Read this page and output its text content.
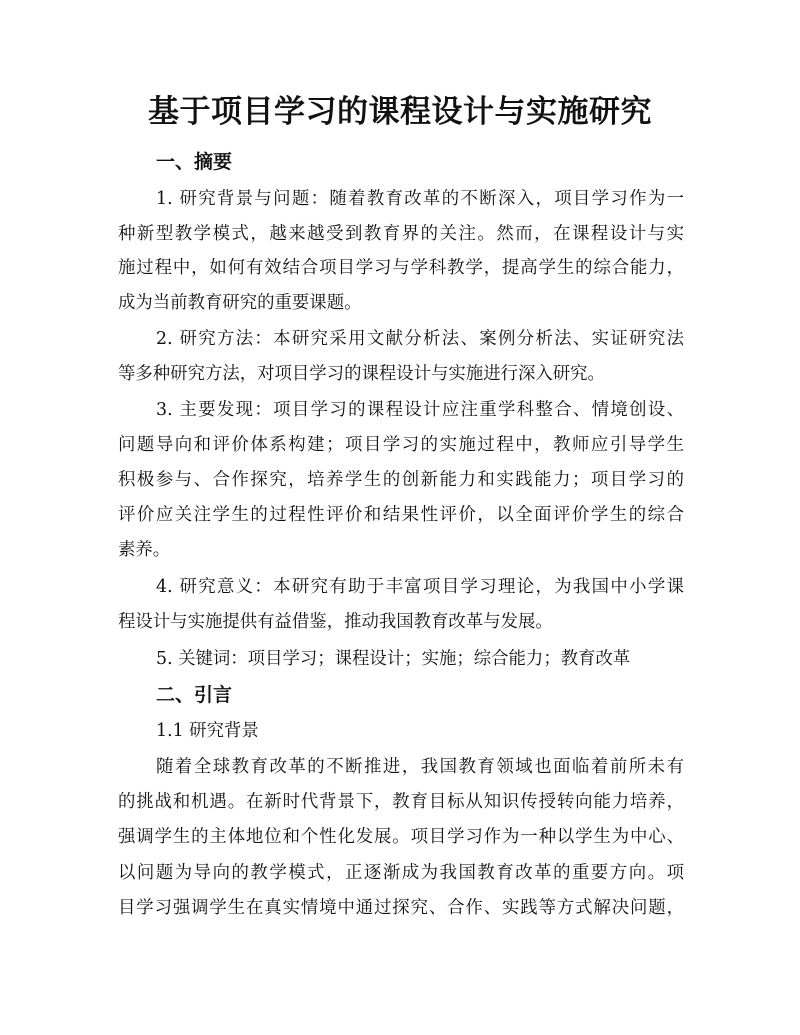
基于项目学习的课程设计与实施研究
一、摘要
1. 研究背景与问题：随着教育改革的不断深入，项目学习作为一
种新型教学模式，越来越受到教育界的关注。然而，在课程设计与实
施过程中，如何有效结合项目学习与学科教学，提高学生的综合能力，
成为当前教育研究的重要课题。
2. 研究方法：本研究采用文献分析法、案例分析法、实证研究法
等多种研究方法，对项目学习的课程设计与实施进行深入研究。
3. 主要发现：项目学习的课程设计应注重学科整合、情境创设、
问题导向和评价体系构建；项目学习的实施过程中，教师应引导学生
积极参与、合作探究，培养学生的创新能力和实践能力；项目学习的
评价应关注学生的过程性评价和结果性评价，以全面评价学生的综合
素养。
4. 研究意义：本研究有助于丰富项目学习理论，为我国中小学课
程设计与实施提供有益借鉴，推动我国教育改革与发展。
5. 关键词：项目学习；课程设计；实施；综合能力；教育改革
二、引言
1.1 研究背景
随着全球教育改革的不断推进，我国教育领域也面临着前所未有
的挑战和机遇。在新时代背景下，教育目标从知识传授转向能力培养，
强调学生的主体地位和个性化发展。项目学习作为一种以学生为中心、
以问题为导向的教学模式，正逐渐成为我国教育改革的重要方向。项
目学习强调学生在真实情境中通过探究、合作、实践等方式解决问题，
